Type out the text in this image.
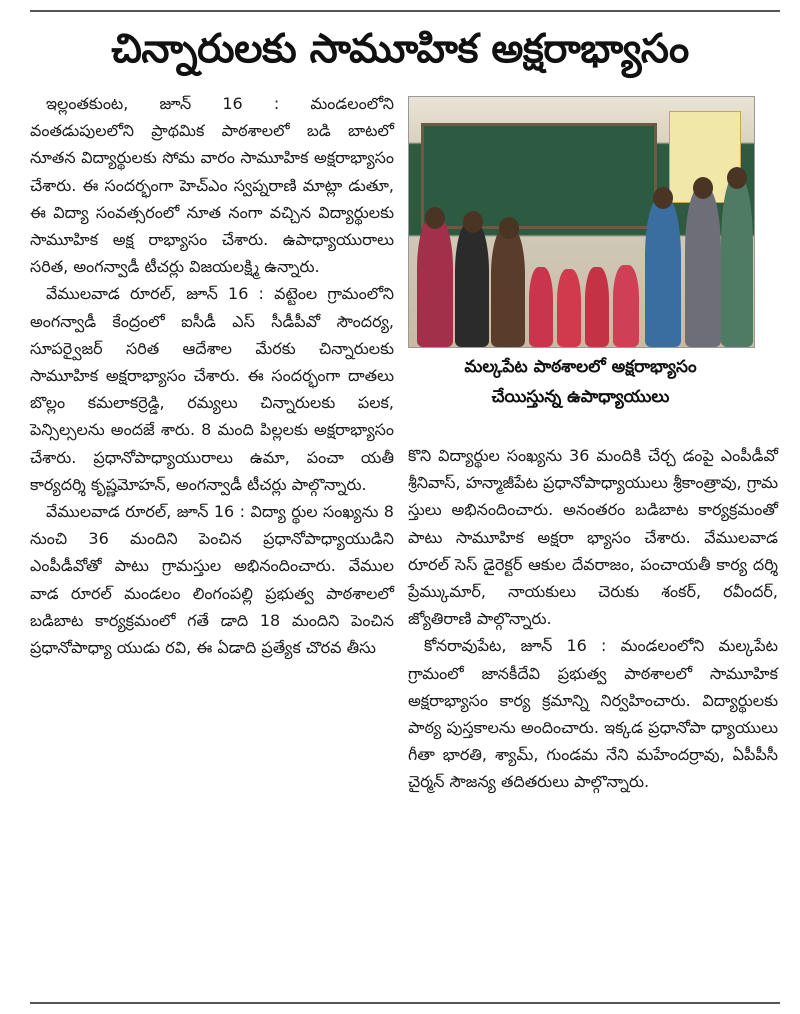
చిన్నారులకు సామూహిక అక్షరాభ్యాసం

ఇల్లంతకుంట, జూన్ 16 : మండలంలోని వంతడుపులలోని ప్రాథమిక పాఠశాలలో బడి బాటలో నూతన విద్యార్థులకు సోమ వారం సామూహిక అక్షరాభ్యాసం చేశారు. ఈ సందర్భంగా హెచ్ఎం స్వప్నరాణి మాట్లా డుతూ, ఈ విద్యా సంవత్సరంలో నూత నంగా వచ్చిన విద్యార్థులకు సామూహిక అక్ష రాభ్యాసం చేశారు. ఉపాధ్యాయురాలు సరిత, అంగన్వాడీ టీచర్లు విజయలక్ష్మి ఉన్నారు.

వేములవాడ రూరల్, జూన్ 16 : వట్టెంల గ్రామంలోని అంగన్వాడీ కేంద్రంలో ఐసీడీ ఎస్ సీడీపీవో సౌందర్య, సూపర్వైజర్ సరిత ఆదేశాల మేరకు చిన్నారులకు సామూహిక అక్షరాభ్యాసం చేశారు. ఈ సందర్భంగా దాతలు బొల్లం కమలాకర్రెడ్డి, రమ్యలు చిన్నారులకు పలక, పెన్సిల్సలను అందజే శారు. 8 మంది పిల్లలకు అక్షరాభ్యాసం చేశారు. ప్రధానోపాధ్యాయురాలు ఉమా, పంచా యతీ కార్యదర్శి కృష్ణమోహన్, అంగన్వాడీ టీచర్లు పాల్గొన్నారు.

వేములవాడ రూరల్, జూన్ 16 : విద్యా ర్థుల సంఖ్యను 8 నుంచి 36 మందిని పెంచిన ప్రధానోపాధ్యాయుడిని ఎంపీడీవోతో పాటు గ్రామస్తుల అభినందించారు. వేముల వాడ రూరల్ మండలం లింగంపల్లి ప్రభుత్వ పాఠశాలలో బడిబాట కార్యక్రమంలో గతే డాది 18 మందిని పెంచిన ప్రధానోపాధ్యా యుడు రవి, ఈ ఏడాది ప్రత్యేక చొరవ తీసు

మల్కపేట పాఠశాలలో అక్షరాభ్యాసం
చేయిస్తున్న ఉపాధ్యాయులు

కొని విద్యార్థుల సంఖ్యను 36 మందికి చేర్చ డంపై ఎంపీడీవో శ్రీనివాస్, హన్మాజీపేట ప్రధానోపాధ్యాయులు శ్రీకాంత్రావు, గ్రామ స్తులు అభినందించారు. అనంతరం బడిబాట కార్యక్రమంతో పాటు సామూహిక అక్షరా భ్యాసం చేశారు. వేములవాడ రూరల్ సెస్ డైరెక్టర్ ఆకుల దేవరాజం, పంచాయతీ కార్య దర్శి ప్రేమ్కుమార్, నాయకులు చెరుకు శంకర్, రవీందర్, జ్యోతిరాణి పాల్గొన్నారు.

కోనరావుపేట, జూన్ 16 : మండలంలోని మల్కపేట గ్రామంలో జానకీదేవి ప్రభుత్వ పాఠశాలలో సామూహిక అక్షరాభ్యాసం కార్య క్రమాన్ని నిర్వహించారు. విద్యార్థులకు పాఠ్య పుస్తకాలను అందించారు. ఇక్కడ ప్రధానోపా ధ్యాయులు గీతా భారతి, శ్యామ్, గుండమ నేని మహేందర్రావు, ఏపీపీసీ చైర్మన్ సౌజన్య తదితరులు పాల్గొన్నారు.
